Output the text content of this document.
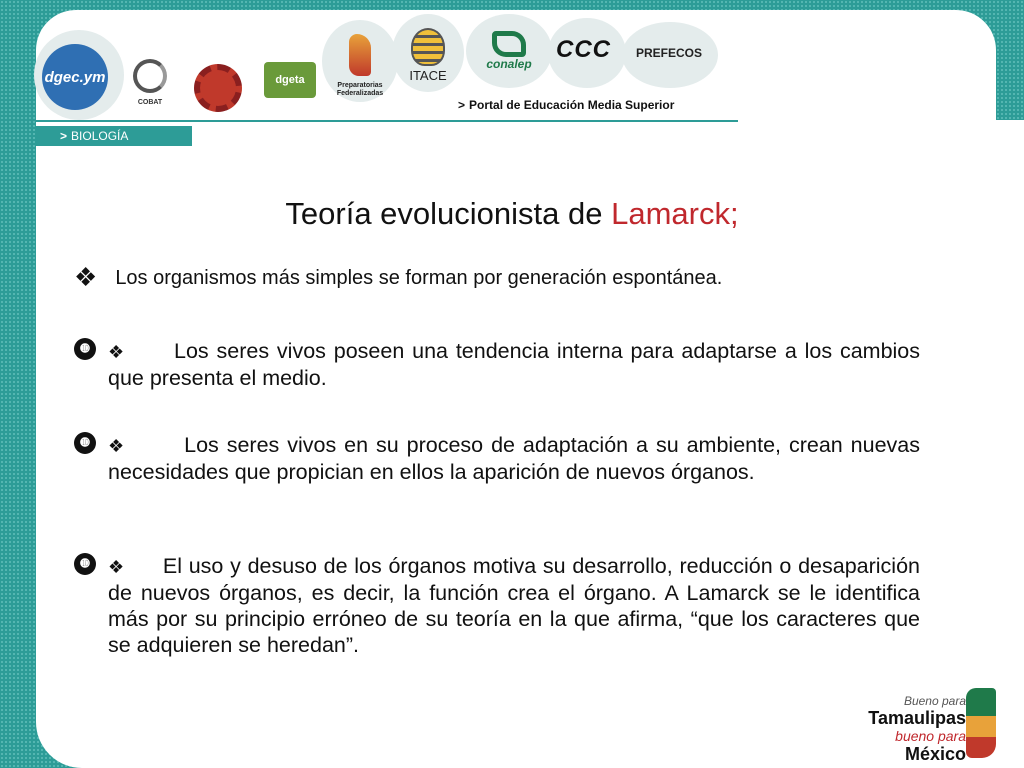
dgec.ym
COBAT
dgeta	Preparatorias
Federalizadas
ITACE
conalep
CCC PREFECOS
> Portal de Educación Media Superior
> BIOLOGÍA
Teoría evolucionista de Lamarck;
❖ Los organismos más simples se forman por generación espontánea.
➓	❖ Los seres vivos poseen una tendencia interna para adaptarse a los cambios que presenta el medio.
➓	❖	Los seres vivos en su proceso de adaptación a su ambiente, crean nuevas necesidades que propician en ellos la aparición de nuevos órganos.
➓	❖ El uso y desuso de los órganos motiva su desarrollo, reducción o desaparición de nuevos órganos, es decir, la función crea el órgano. A Lamarck se le identifica más por su principio erróneo de su teoría en la que afirma, “que los caracteres que se adquieren se heredan”.
Bueno para
Tamaulipas
bueno para
México
